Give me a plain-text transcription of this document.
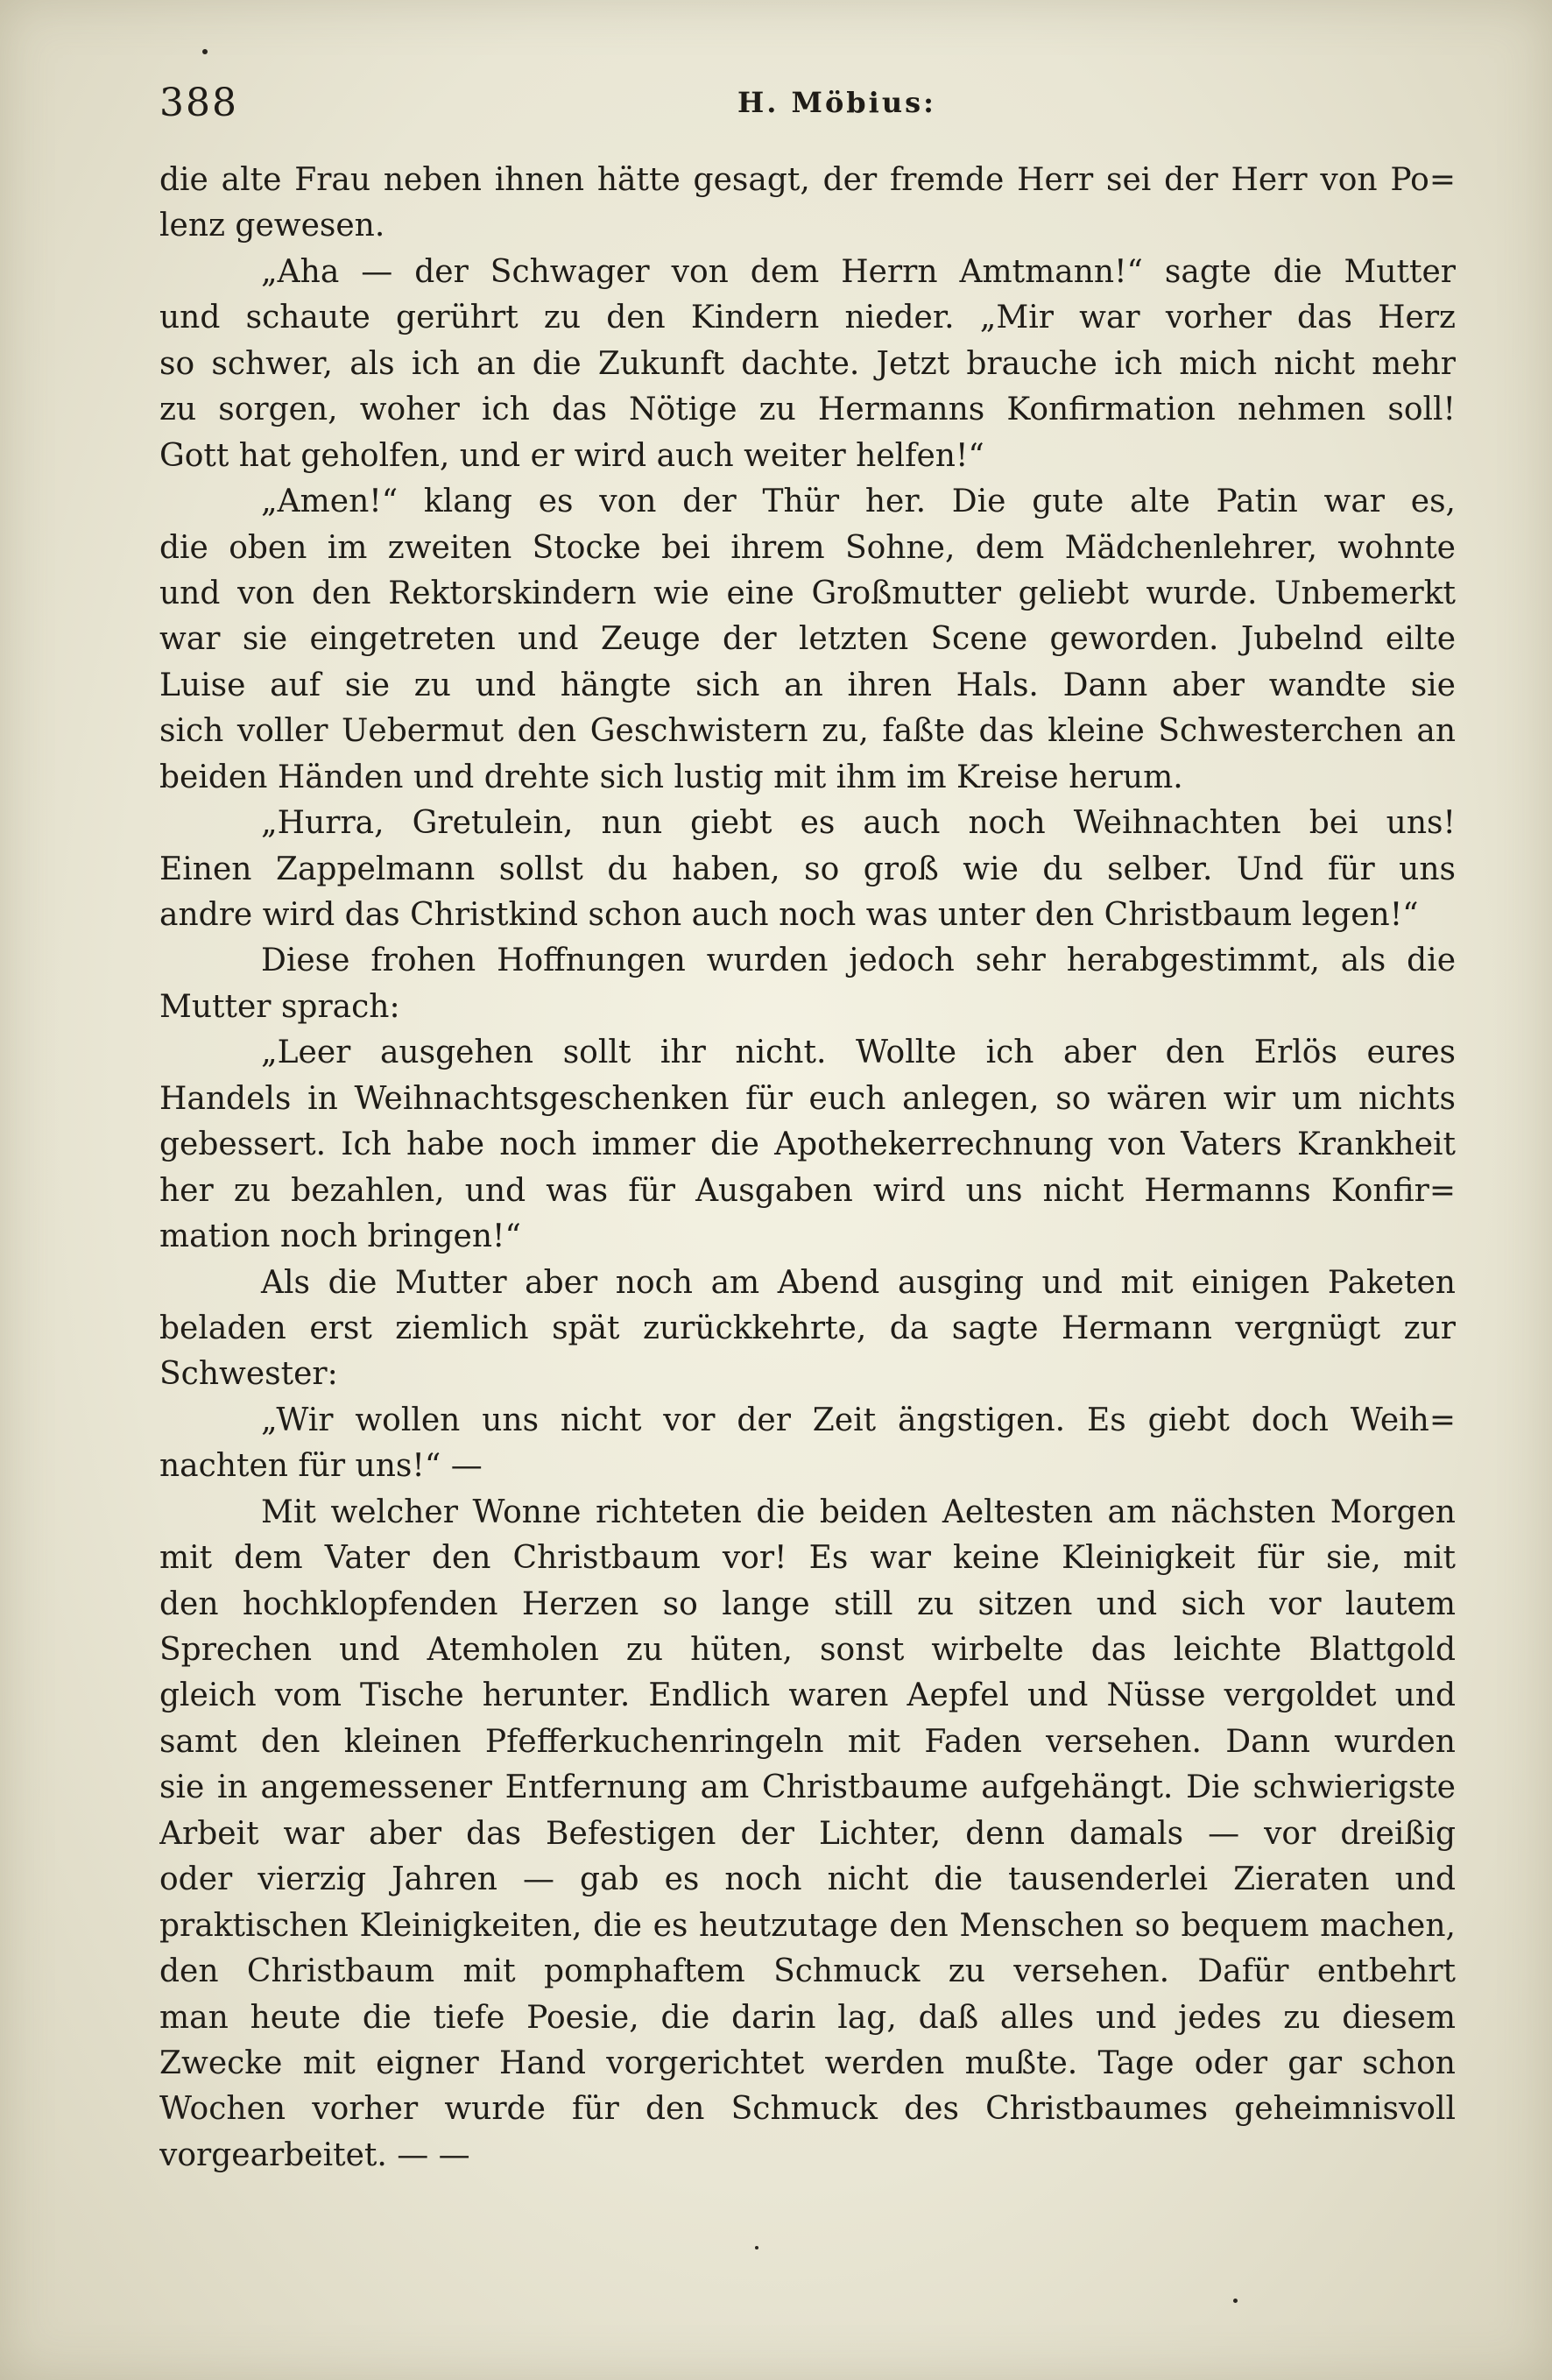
388	H. Möbius:
die alte Frau neben ihnen hätte gesagt, der fremde Herr sei der Herr von Po=
lenz gewesen.
„Aha — der Schwager von dem Herrn Amtmann!“ sagte die Mutter
und schaute gerührt zu den Kindern nieder. „Mir war vorher das Herz
so schwer, als ich an die Zukunft dachte. Jetzt brauche ich mich nicht mehr
zu sorgen, woher ich das Nötige zu Hermanns Konfirmation nehmen soll!
Gott hat geholfen, und er wird auch weiter helfen!“
„Amen!“ klang es von der Thür her. Die gute alte Patin war es,
die oben im zweiten Stocke bei ihrem Sohne, dem Mädchenlehrer, wohnte
und von den Rektorskindern wie eine Großmutter geliebt wurde. Unbemerkt
war sie eingetreten und Zeuge der letzten Scene geworden. Jubelnd eilte
Luise auf sie zu und hängte sich an ihren Hals. Dann aber wandte sie
sich voller Uebermut den Geschwistern zu, faßte das kleine Schwesterchen an
beiden Händen und drehte sich lustig mit ihm im Kreise herum.
„Hurra, Gretulein, nun giebt es auch noch Weihnachten bei uns!
Einen Zappelmann sollst du haben, so groß wie du selber. Und für uns
andre wird das Christkind schon auch noch was unter den Christbaum legen!“
Diese frohen Hoffnungen wurden jedoch sehr herabgestimmt, als die
Mutter sprach:
„Leer ausgehen sollt ihr nicht. Wollte ich aber den Erlös eures
Handels in Weihnachtsgeschenken für euch anlegen, so wären wir um nichts
gebessert. Ich habe noch immer die Apothekerrechnung von Vaters Krankheit
her zu bezahlen, und was für Ausgaben wird uns nicht Hermanns Konfir=
mation noch bringen!“
Als die Mutter aber noch am Abend ausging und mit einigen Paketen
beladen erst ziemlich spät zurückkehrte, da sagte Hermann vergnügt zur
Schwester:
„Wir wollen uns nicht vor der Zeit ängstigen. Es giebt doch Weih=
nachten für uns!“ —
Mit welcher Wonne richteten die beiden Aeltesten am nächsten Morgen
mit dem Vater den Christbaum vor! Es war keine Kleinigkeit für sie, mit
den hochklopfenden Herzen so lange still zu sitzen und sich vor lautem
Sprechen und Atemholen zu hüten, sonst wirbelte das leichte Blattgold
gleich vom Tische herunter. Endlich waren Aepfel und Nüsse vergoldet und
samt den kleinen Pfefferkuchenringeln mit Faden versehen. Dann wurden
sie in angemessener Entfernung am Christbaume aufgehängt. Die schwierigste
Arbeit war aber das Befestigen der Lichter, denn damals — vor dreißig
oder vierzig Jahren — gab es noch nicht die tausenderlei Zieraten und
praktischen Kleinigkeiten, die es heutzutage den Menschen so bequem machen,
den Christbaum mit pomphaftem Schmuck zu versehen. Dafür entbehrt
man heute die tiefe Poesie, die darin lag, daß alles und jedes zu diesem
Zwecke mit eigner Hand vorgerichtet werden mußte. Tage oder gar schon
Wochen vorher wurde für den Schmuck des Christbaumes geheimnisvoll
vorgearbeitet. — —
